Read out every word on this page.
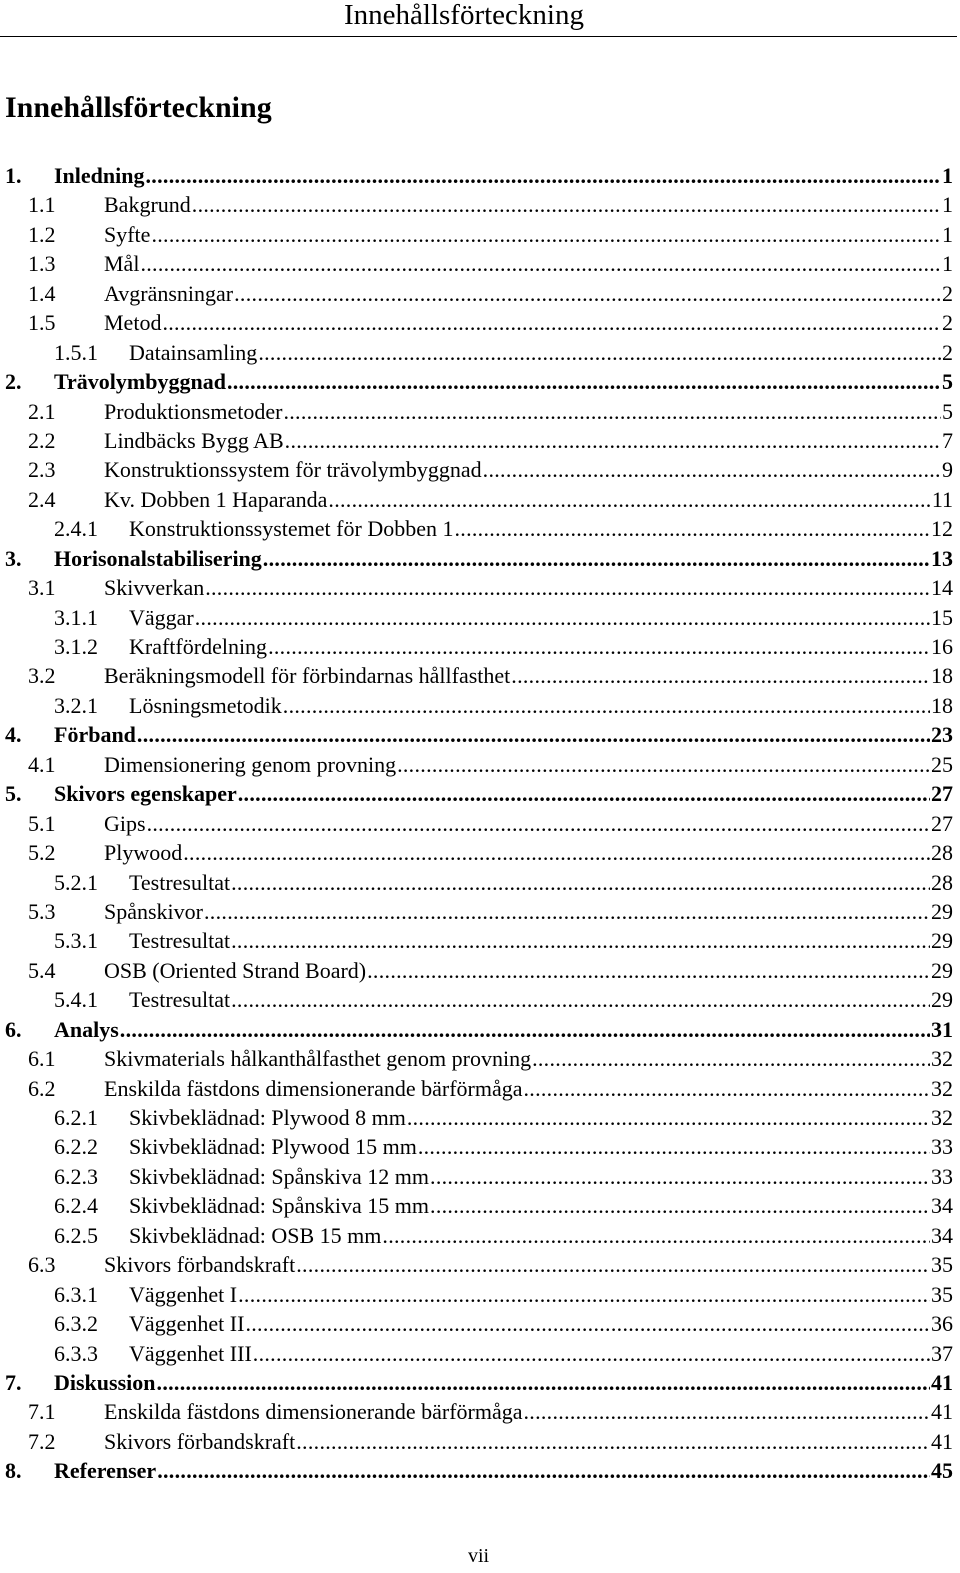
Innehållsförteckning
Innehållsförteckning
1. Inledning . . .	1
1.1 Bakgrund . . .	1
1.2 Syfte . . .	1
1.3 Mål . . .	1
1.4 Avgränsningar . . .	2
1.5 Metod . . .	2
1.5.1 Datainsamling . . .	2
2. Trävolymbyggnad . . .	5
2.1 Produktionsmetoder . . .	5
2.2 Lindbäcks Bygg AB . . .	7
2.3 Konstruktionssystem för trävolymbyggnad . . .	9
2.4 Kv. Dobben 1 Haparanda . . .	11
2.4.1 Konstruktionssystemet för Dobben 1 . . .	12
3. Horisonalstabilisering . . .	13
3.1 Skivverkan . . .	14
3.1.1 Väggar . . .	15
3.1.2 Kraftfördelning . . .	16
3.2 Beräkningsmodell för förbindarnas hållfasthet . . .	18
3.2.1 Lösningsmetodik . . .	18
4. Förband . . .	23
4.1 Dimensionering genom provning . . .	25
5. Skivors egenskaper . . .	27
5.1 Gips . . .	27
5.2 Plywood . . .	28
5.2.1 Testresultat . . .	28
5.3 Spånskivor . . .	29
5.3.1 Testresultat . . .	29
5.4 OSB (Oriented Strand Board) . . .	29
5.4.1 Testresultat . . .	29
6. Analys . . .	31
6.1 Skivmaterials hålkanthålfasthet genom provning . . .	32
6.2 Enskilda fästdons dimensionerande bärförmåga . . .	32
6.2.1 Skivbeklädnad: Plywood 8 mm . . .	32
6.2.2 Skivbeklädnad: Plywood 15 mm . . .	33
6.2.3 Skivbeklädnad: Spånskiva 12 mm . . .	33
6.2.4 Skivbeklädnad: Spånskiva 15 mm . . .	34
6.2.5 Skivbeklädnad: OSB 15 mm . . .	34
6.3 Skivors förbandskraft . . .	35
6.3.1 Väggenhet I . . .	35
6.3.2 Väggenhet II . . .	36
6.3.3 Väggenhet III . . .	37
7. Diskussion . . .	41
7.1 Enskilda fästdons dimensionerande bärförmåga . . .	41
7.2 Skivors förbandskraft . . .	41
8. Referenser . . .	45
vii
